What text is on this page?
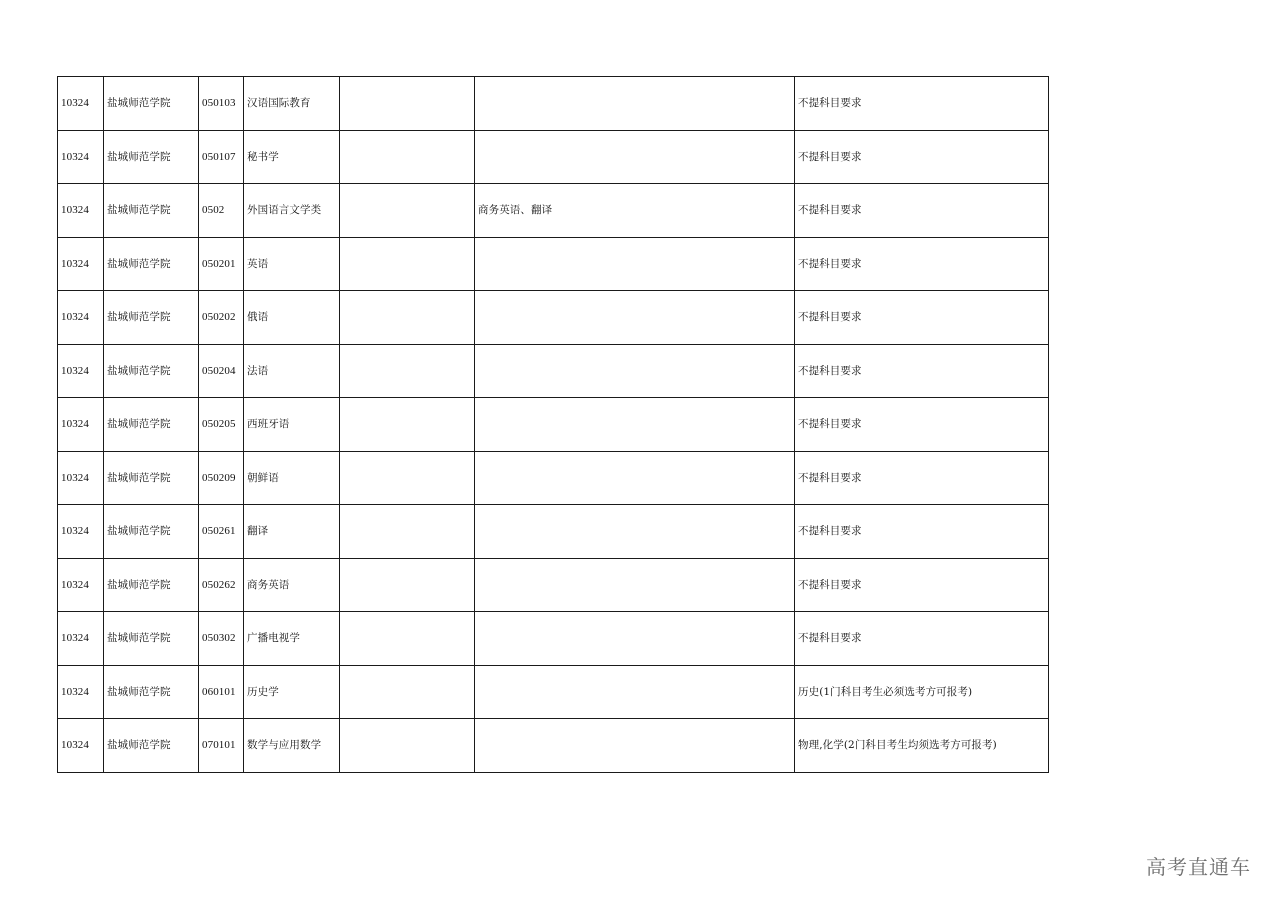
10324	盐城师范学院	050103	汉语国际教育			不提科目要求
10324	盐城师范学院	050107	秘书学			不提科目要求
10324	盐城师范学院	0502	外国语言文学类		商务英语、翻译	不提科目要求
10324	盐城师范学院	050201	英语			不提科目要求
10324	盐城师范学院	050202	俄语			不提科目要求
10324	盐城师范学院	050204	法语			不提科目要求
10324	盐城师范学院	050205	西班牙语			不提科目要求
10324	盐城师范学院	050209	朝鲜语			不提科目要求
10324	盐城师范学院	050261	翻译			不提科目要求
10324	盐城师范学院	050262	商务英语			不提科目要求
10324	盐城师范学院	050302	广播电视学			不提科目要求
10324	盐城师范学院	060101	历史学			历史(1门科目考生必须选考方可报考)
10324	盐城师范学院	070101	数学与应用数学			物理,化学(2门科目考生均须选考方可报考)
高考直通车
